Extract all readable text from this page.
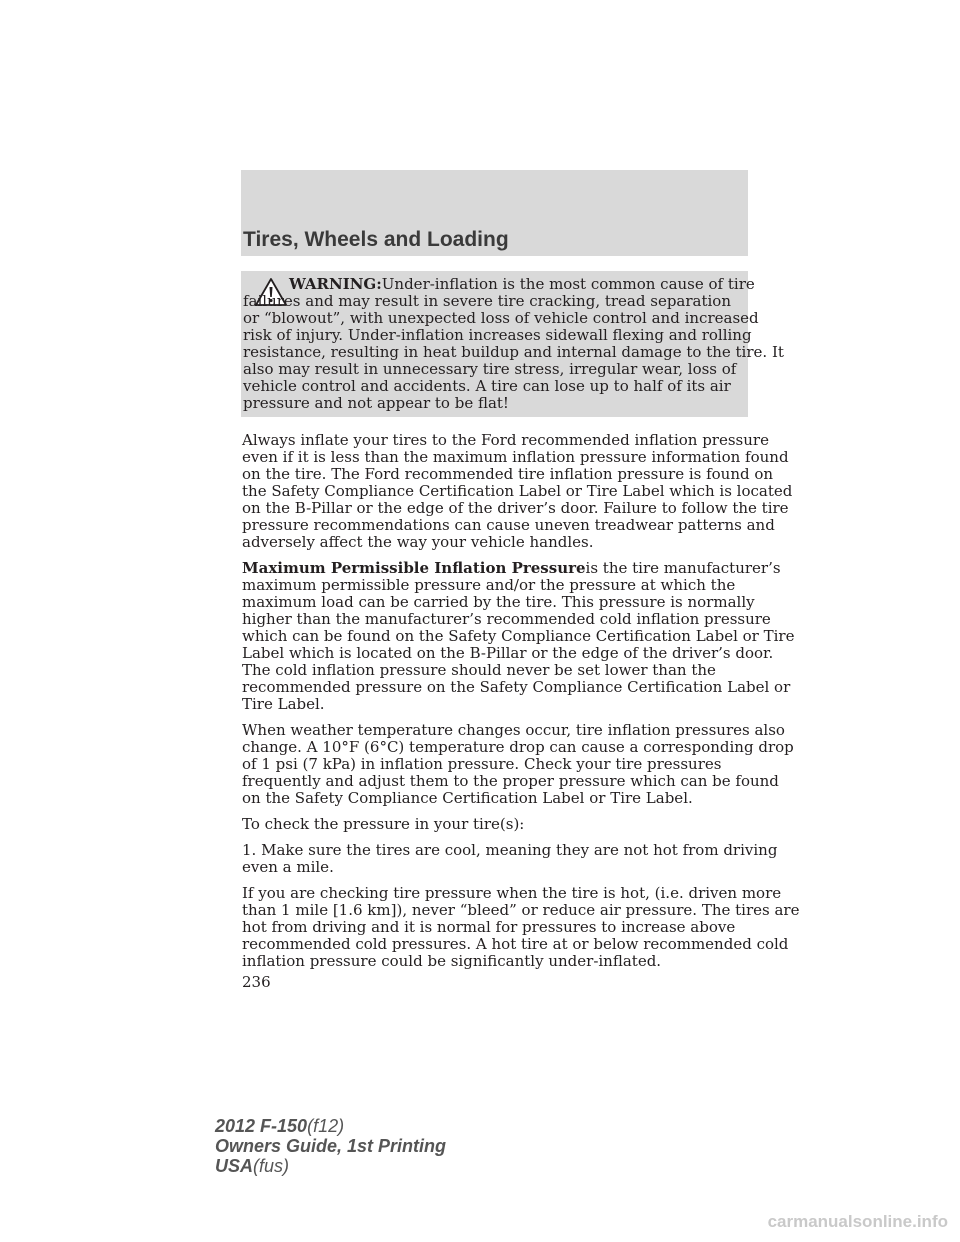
Tires, Wheels and Loading
WARNING:Under-inflation is the most common cause of tire
failures and may result in severe tire cracking, tread separation
or “blowout”, with unexpected loss of vehicle control and increased
risk of injury. Under-inflation increases sidewall flexing and rolling
resistance, resulting in heat buildup and internal damage to the tire. It
also may result in unnecessary tire stress, irregular wear, loss of
vehicle control and accidents. A tire can lose up to half of its air
pressure and not appear to be flat!
Always inflate your tires to the Ford recommended inflation pressure
even if it is less than the maximum inflation pressure information found
on the tire. The Ford recommended tire inflation pressure is found on
the Safety Compliance Certification Label or Tire Label which is located
on the B-Pillar or the edge of the driver’s door. Failure to follow the tire
pressure recommendations can cause uneven treadwear patterns and
adversely affect the way your vehicle handles.
Maximum Permissible Inflation Pressureis the tire manufacturer’s
maximum permissible pressure and/or the pressure at which the
maximum load can be carried by the tire. This pressure is normally
higher than the manufacturer’s recommended cold inflation pressure
which can be found on the Safety Compliance Certification Label or Tire
Label which is located on the B-Pillar or the edge of the driver’s door.
The cold inflation pressure should never be set lower than the
recommended pressure on the Safety Compliance Certification Label or
Tire Label.
When weather temperature changes occur, tire inflation pressures also
change. A 10°F (6°C) temperature drop can cause a corresponding drop
of 1 psi (7 kPa) in inflation pressure. Check your tire pressures
frequently and adjust them to the proper pressure which can be found
on the Safety Compliance Certification Label or Tire Label.
To check the pressure in your tire(s):
1. Make sure the tires are cool, meaning they are not hot from driving
even a mile.
If you are checking tire pressure when the tire is hot, (i.e. driven more
than 1 mile [1.6 km]), never “bleed” or reduce air pressure. The tires are
hot from driving and it is normal for pressures to increase above
recommended cold pressures. A hot tire at or below recommended cold
inflation pressure could be significantly under-inflated.
236
2012 F-150(f12)
Owners Guide, 1st Printing
USA(fus)
carmanualsonline.info
